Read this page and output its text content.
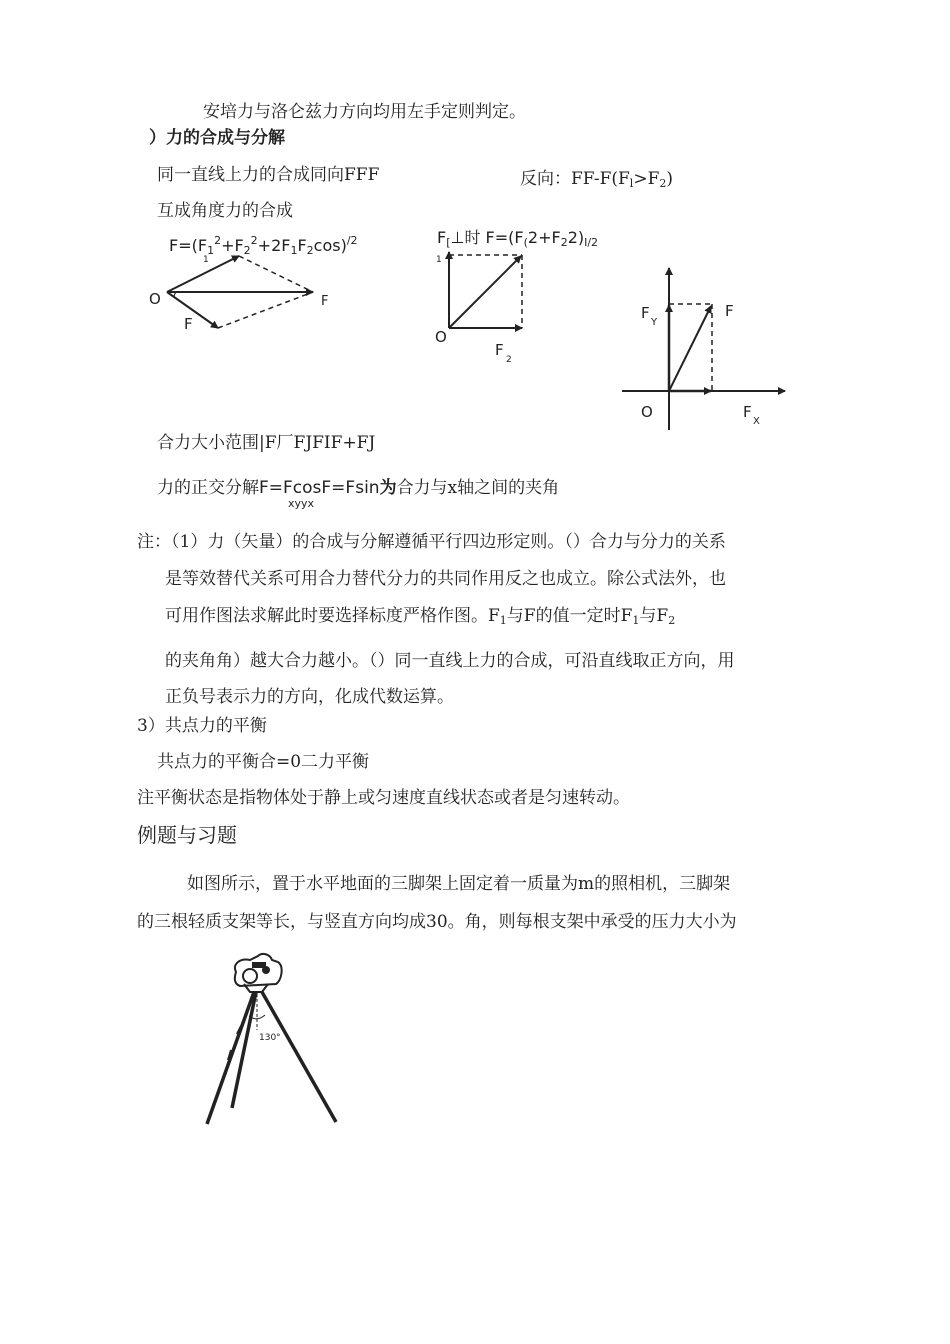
安培力与洛仑兹力方向均用左手定则判定。
）力的合成与分解
同一直线上力的合成同向FFF	反向：$FF-F(F_l>F_2)$
互成角度力的合成
$F=(F_1^2+F_2^2+2F_1F_2\cos)^{/2}$	$F_[\perp$时 $F=(F_(2+F_22)_{I/2}$
O	F
F
1
O
1
F
2
O
F
Y
F
F
X
130°
合力大小范围|F厂FJFIF+FJ
力的正交分解F=FcosF=Fsin为合力与x轴之间的夹角
xyyx
注：（1）力（矢量）的合成与分解遵循平行四边形定则。（）合力与分力的关系
是等效替代关系可用合力替代分力的共同作用反之也成立。除公式法外，也
可用作图法求解此时要选择标度严格作图。$F_1$与F的值一定时$F_1$与$F_2$
的夹角角）越大合力越小。（）同一直线上力的合成，可沿直线取正方向，用
正负号表示力的方向，化成代数运算。
3）共点力的平衡
共点力的平衡合=0二力平衡
注平衡状态是指物体处于静上或匀速度直线状态或者是匀速转动。
例题与习题
如图所示，置于水平地面的三脚架上固定着一质量为m的照相机，三脚架
的三根轻质支架等长，与竖直方向均成30。角，则每根支架中承受的压力大小为
